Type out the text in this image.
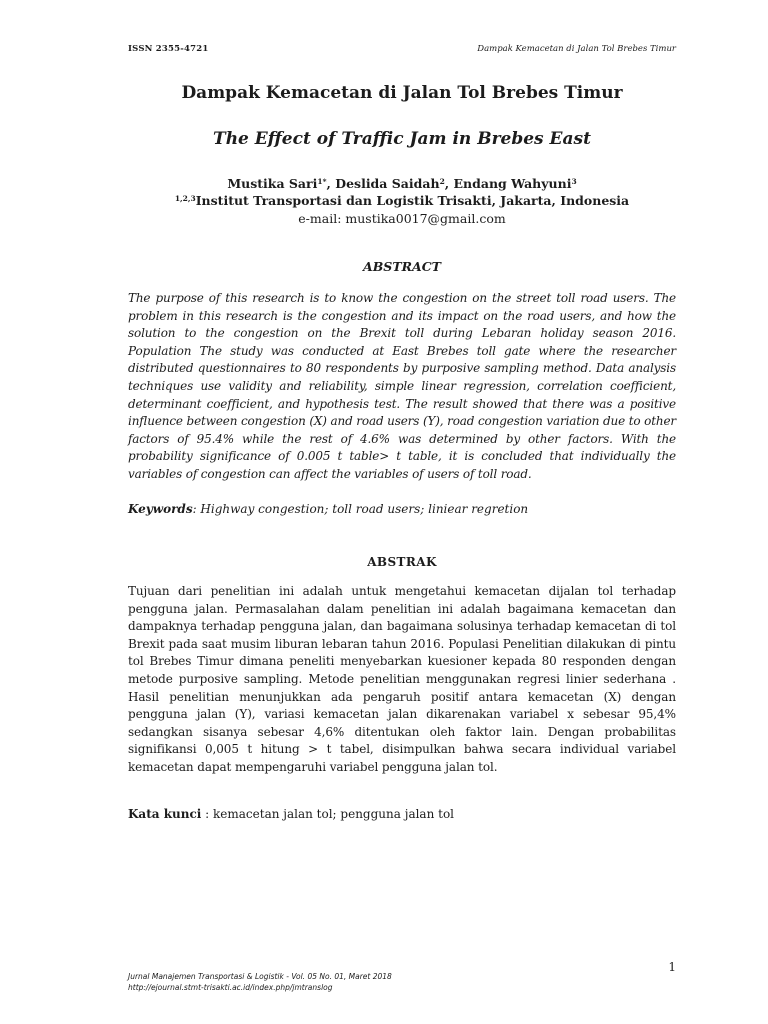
ISSN 2355-4721	Dampak Kemacetan di Jalan Tol Brebes Timur
Dampak Kemacetan di Jalan Tol Brebes Timur
The Effect of Traffic Jam in Brebes East
Mustika Sari$^{1*}$, Deslida Saidah$^2$, Endang Wahyuni$^3$
$^{1,2,3}$Institut Transportasi dan Logistik Trisakti, Jakarta, Indonesia
e-mail: mustika0017@gmail.com
ABSTRACT

The purpose of this research is to know the congestion on the street toll road users. The problem in this research is the congestion and its impact on the road users, and how the solution to the congestion on the Brexit toll during Lebaran holiday season 2016. Population The study was conducted at East Brebes toll gate where the researcher distributed questionnaires to 80 respondents by purposive sampling method. Data analysis techniques use validity and reliability, simple linear regression, correlation coefficient, determinant coefficient, and hypothesis test. The result showed that there was a positive influence between congestion (X) and road users (Y), road congestion variation due to other factors of 95.4% while the rest of 4.6% was determined by other factors. With the probability significance of 0.005 t table> t table, it is concluded that individually the variables of congestion can affect the variables of users of toll road.

Keywords: Highway congestion; toll road users; liniear regretion

ABSTRAK

Tujuan dari penelitian ini adalah untuk mengetahui kemacetan dijalan tol terhadap pengguna jalan. Permasalahan dalam penelitian ini adalah bagaimana kemacetan dan dampaknya terhadap pengguna jalan, dan bagaimana solusinya terhadap kemacetan di tol Brexit pada saat musim liburan lebaran tahun 2016. Populasi Penelitian dilakukan di pintu tol Brebes Timur dimana peneliti menyebarkan kuesioner kepada 80 responden dengan metode purposive sampling. Metode penelitian menggunakan regresi linier sederhana . Hasil penelitian menunjukkan ada pengaruh positif antara kemacetan (X) dengan pengguna jalan (Y), variasi kemacetan jalan dikarenakan variabel x sebesar 95,4% sedangkan sisanya sebesar 4,6% ditentukan oleh faktor lain. Dengan probabilitas signifikansi 0,005 t hitung > t tabel, disimpulkan bahwa secara individual variabel kemacetan dapat mempengaruhi variabel pengguna jalan tol.

Kata kunci : kemacetan jalan tol; pengguna jalan tol

1
Jurnal Manajemen Transportasi & Logistik - Vol. 05 No. 01, Maret 2018
http://ejournal.stmt-trisakti.ac.id/index.php/jmtranslog
